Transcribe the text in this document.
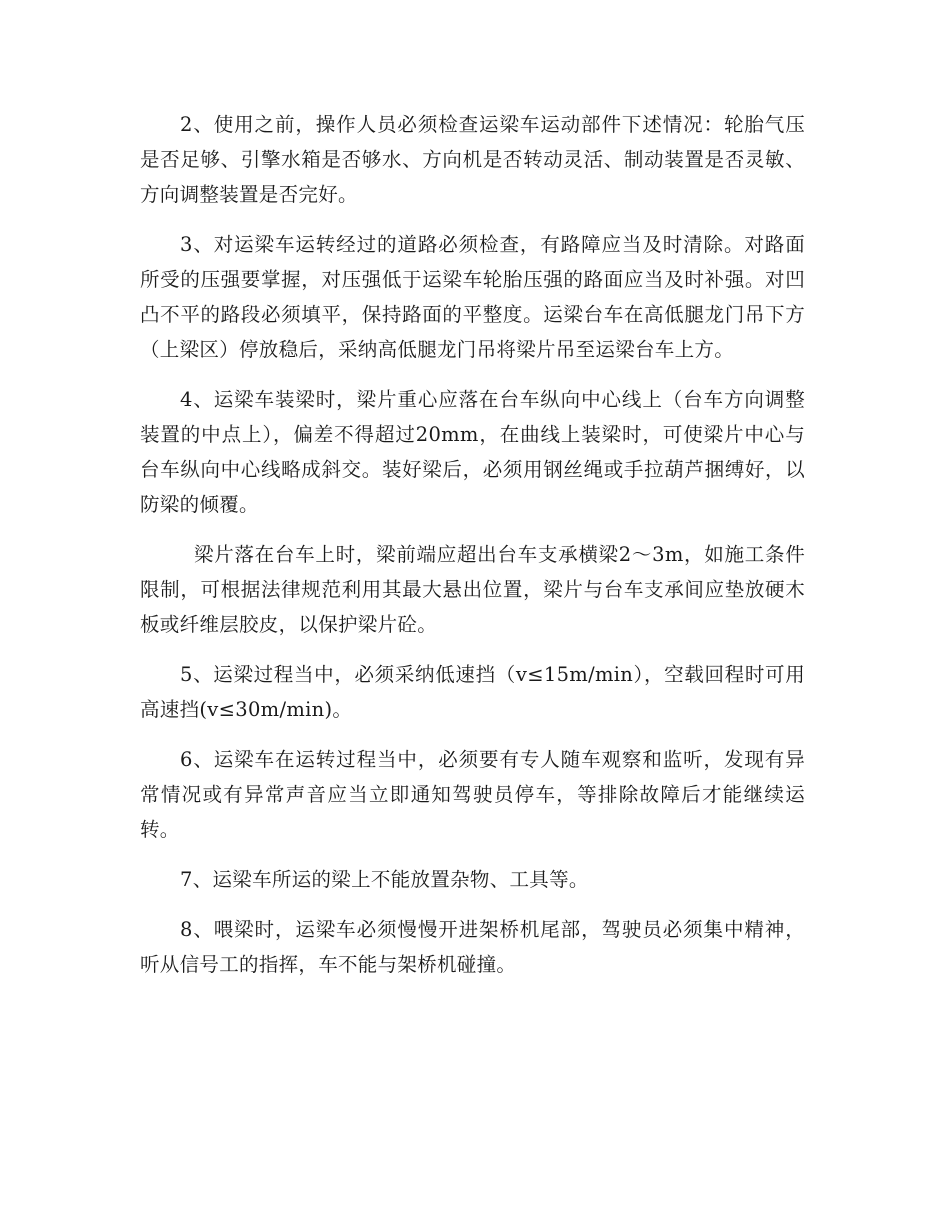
2、使用之前，操作人员必须检查运梁车运动部件下述情况：轮胎气压是否足够、引擎水箱是否够水、方向机是否转动灵活、制动装置是否灵敏、方向调整装置是否完好。

3、对运梁车运转经过的道路必须检查，有路障应当及时清除。对路面所受的压强要掌握，对压强低于运梁车轮胎压强的路面应当及时补强。对凹凸不平的路段必须填平，保持路面的平整度。运梁台车在高低腿龙门吊下方（上梁区）停放稳后，采纳高低腿龙门吊将梁片吊至运梁台车上方。

4、运梁车装梁时，梁片重心应落在台车纵向中心线上（台车方向调整装置的中点上），偏差不得超过20mm，在曲线上装梁时，可使梁片中心与台车纵向中心线略成斜交。装好梁后，必须用钢丝绳或手拉葫芦捆缚好，以防梁的倾覆。

梁片落在台车上时，梁前端应超出台车支承横梁2～3m，如施工条件限制，可根据法律规范利用其最大悬出位置，梁片与台车支承间应垫放硬木板或纤维层胶皮，以保护梁片砼。

5、运梁过程当中，必须采纳低速挡（v≤15m/min），空载回程时可用高速挡(v≤30m/min)。

6、运梁车在运转过程当中，必须要有专人随车观察和监听，发现有异常情况或有异常声音应当立即通知驾驶员停车，等排除故障后才能继续运转。

7、运梁车所运的梁上不能放置杂物、工具等。

8、喂梁时，运梁车必须慢慢开进架桥机尾部，驾驶员必须集中精神，听从信号工的指挥，车不能与架桥机碰撞。
